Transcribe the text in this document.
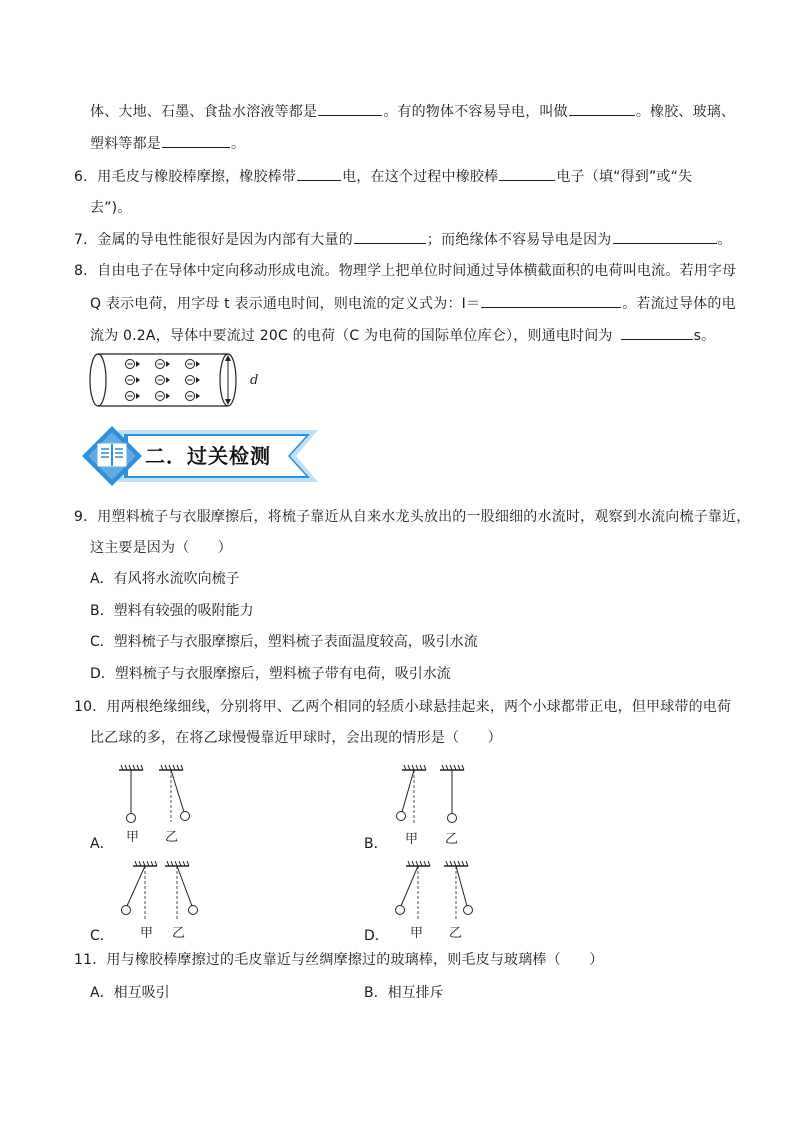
体、大地、石墨、食盐水溶液等都是	。有的物体不容易导电，叫做	。橡胶、玻璃、
塑料等都是	。
6．用毛皮与橡胶棒摩擦，橡胶棒带	电，在这个过程中橡胶棒	电子（填“得到”或“失
去”)。
7．金属的导电性能很好是因为内部有大量的	；而绝缘体不容易导电是因为	。
8．自由电子在导体中定向移动形成电流。物理学上把单位时间通过导体横截面积的电荷叫电流。若用字母
Q 表示电荷，用字母 t 表示通电时间，则电流的定义式为：I＝	。若流过导体的电
流为 0.2A，导体中要流过 20C 的电荷（C 为电荷的国际单位库仑），则通电时间为	s。
d
二．过关检测
9．用塑料梳子与衣服摩擦后，将梳子靠近从自来水龙头放出的一股细细的水流时，观察到水流向梳子靠近，
这主要是因为（　　）
A．有风将水流吹向梳子
B．塑料有较强的吸附能力
C．塑料梳子与衣服摩擦后，塑料梳子表面温度较高，吸引水流
D．塑料梳子与衣服摩擦后，塑料梳子带有电荷，吸引水流
10．用两根绝缘细线，分别将甲、乙两个相同的轻质小球悬挂起来，两个小球都带正电，但甲球带的电荷
比乙球的多，在将乙球慢慢靠近甲球时，会出现的情形是（　　）
甲 乙
A．	甲 乙
B．
甲 乙
C．	甲 乙
D．
11．用与橡胶棒摩擦过的毛皮靠近与丝绸摩擦过的玻璃棒，则毛皮与玻璃棒（　　）
A．相互吸引	B．相互排斥
